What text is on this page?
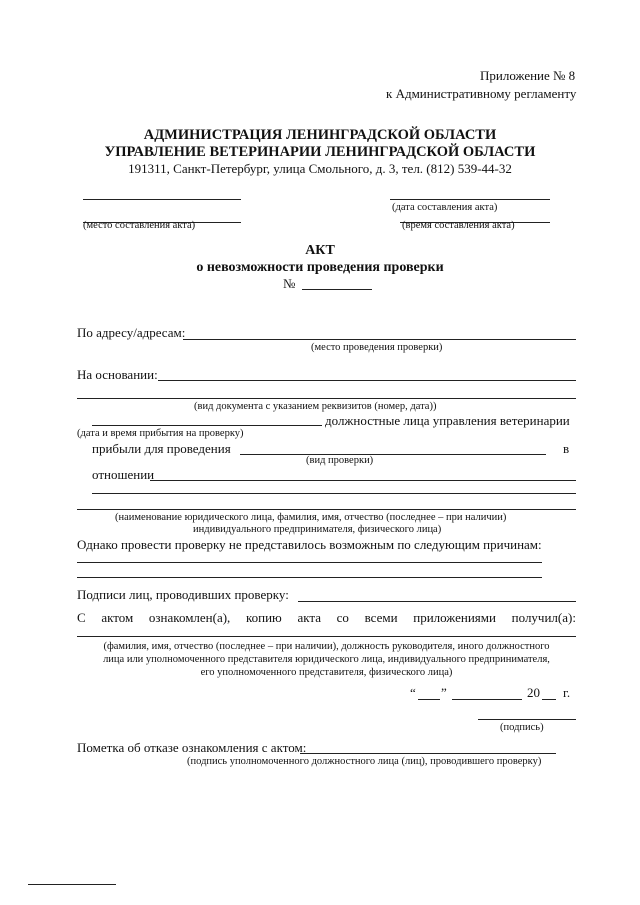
Приложение № 8
к Административному регламенту
АДМИНИСТРАЦИЯ ЛЕНИНГРАДСКОЙ ОБЛАСТИ
УПРАВЛЕНИЕ ВЕТЕРИНАРИИ ЛЕНИНГРАДСКОЙ ОБЛАСТИ
191311, Санкт-Петербург, улица Смольного, д. 3, тел. (812) 539-44-32
(дата составления акта)
(место составления акта)	(время составления акта)
АКТ
о невозможности проведения проверки
№
По адресу/адресам:
(место проведения проверки)
На основании:
(вид документа с указанием реквизитов (номер, дата))
должностные лица управления ветеринарии
(дата и время прибытия на проверку)
прибыли для проведения	в
(вид проверки)
отношении
(наименование юридического лица, фамилия, имя, отчество (последнее – при наличии)
индивидуального предпринимателя, физического лица)
Однако провести проверку не представилось возможным по следующим причинам:
Подписи лиц, проводивших проверку:
С актом ознакомлен(а), копию акта со всеми приложениями получил(а):
(фамилия, имя, отчество (последнее – при наличии), должность руководителя, иного должностного
лица или уполномоченного представителя юридического лица, индивидуального предпринимателя,
его уполномоченного представителя, физического лица)
“ ”	20 г.
(подпись)
Пометка об отказе ознакомления с актом:
(подпись уполномоченного должностного лица (лиц), проводившего проверку)
